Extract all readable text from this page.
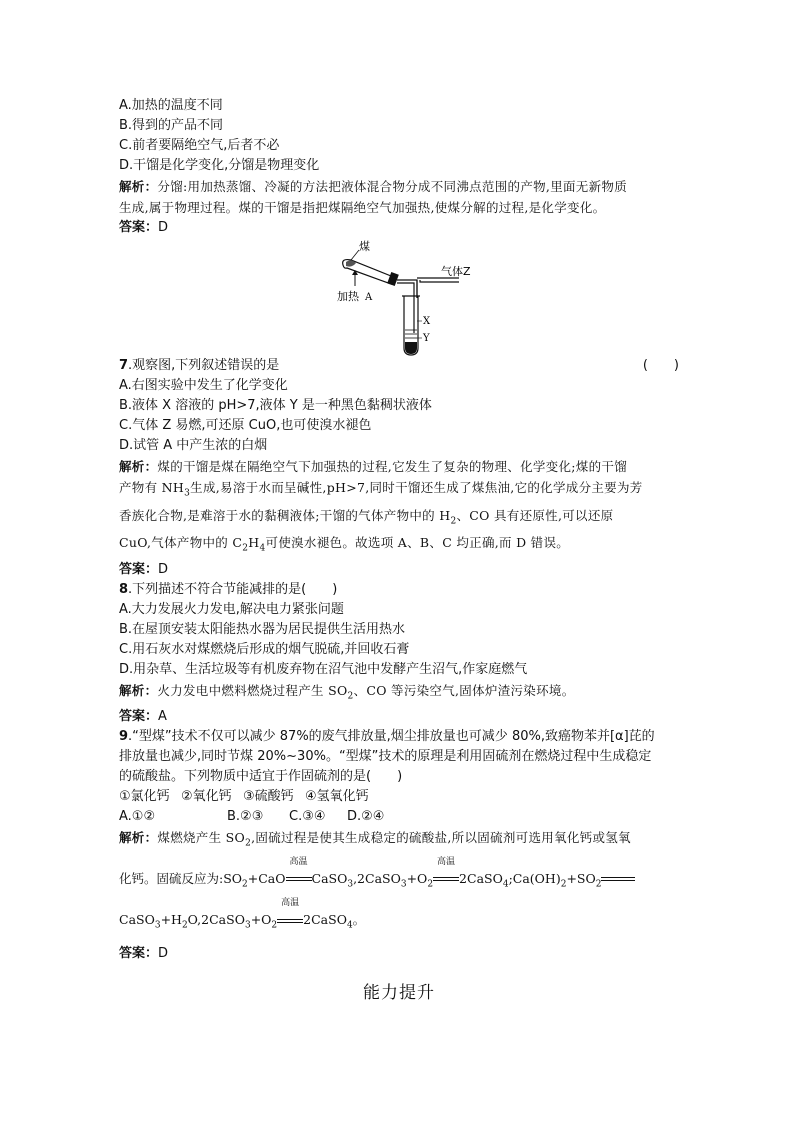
A.加热的温度不同
B.得到的产品不同
C.前者要隔绝空气,后者不必
D.干馏是化学变化,分馏是物理变化
解析：分馏:用加热蒸馏、冷凝的方法把液体混合物分成不同沸点范围的产物,里面无新物质
生成,属于物理过程。煤的干馏是指把煤隔绝空气加强热,使煤分解的过程,是化学变化。
答案：D
煤
加热 A
气体Z
X
Y
7.观察图,下列叙述错误的是	(　　)
A.右图实验中发生了化学变化
B.液体 X 溶液的 pH>7,液体 Y 是一种黑色黏稠状液体
C.气体 Z 易燃,可还原 CuO,也可使溴水褪色
D.试管 A 中产生浓的白烟
解析：煤的干馏是煤在隔绝空气下加强热的过程,它发生了复杂的物理、化学变化;煤的干馏
产物有 $NH_3$生成,易溶于水而呈碱性,pH>7,同时干馏还生成了煤焦油,它的化学成分主要为芳
香族化合物,是难溶于水的黏稠液体;干馏的气体产物中的 $H_2$、CO 具有还原性,可以还原
CuO,气体产物中的 $C_2H_4$可使溴水褪色。故选项 A、B、C 均正确,而 D 错误。
答案：D
8.下列描述不符合节能减排的是(　　)
A.大力发展火力发电,解决电力紧张问题
B.在屋顶安装太阳能热水器为居民提供生活用热水
C.用石灰水对煤燃烧后形成的烟气脱硫,并回收石膏
D.用杂草、生活垃圾等有机废弃物在沼气池中发酵产生沼气,作家庭燃气
解析：火力发电中燃料燃烧过程产生 $SO_2$、CO 等污染空气,固体炉渣污染环境。
答案：A
9.“型煤”技术不仅可以减少 87%的废气排放量,烟尘排放量也可减少 80%,致癌物苯并[α]芘的
排放量也减少,同时节煤 20%~30%。“型煤”技术的原理是利用固硫剂在燃烧过程中生成稳定
的硫酸盐。下列物质中适宜于作固硫剂的是(　　)
①氯化钙 ②氧化钙 ③硫酸钙 ④氢氧化钙
A.①②	B.②③ C.③④ D.②④
解析：煤燃烧产生 $SO_2$,固硫过程是使其生成稳定的硫酸盐,所以固硫剂可选用氧化钙或氢氧
化钙。固硫反应为$:SO_2+CaO$
高温
$CaSO_3,2CaSO_3+O_2$
高温
$2CaSO_4;Ca(OH)_2+SO_2$
$CaSO_3+H_2O,2CaSO_3+O_2$
高温
2CaSO$_4$。
答案：D
能力提升
